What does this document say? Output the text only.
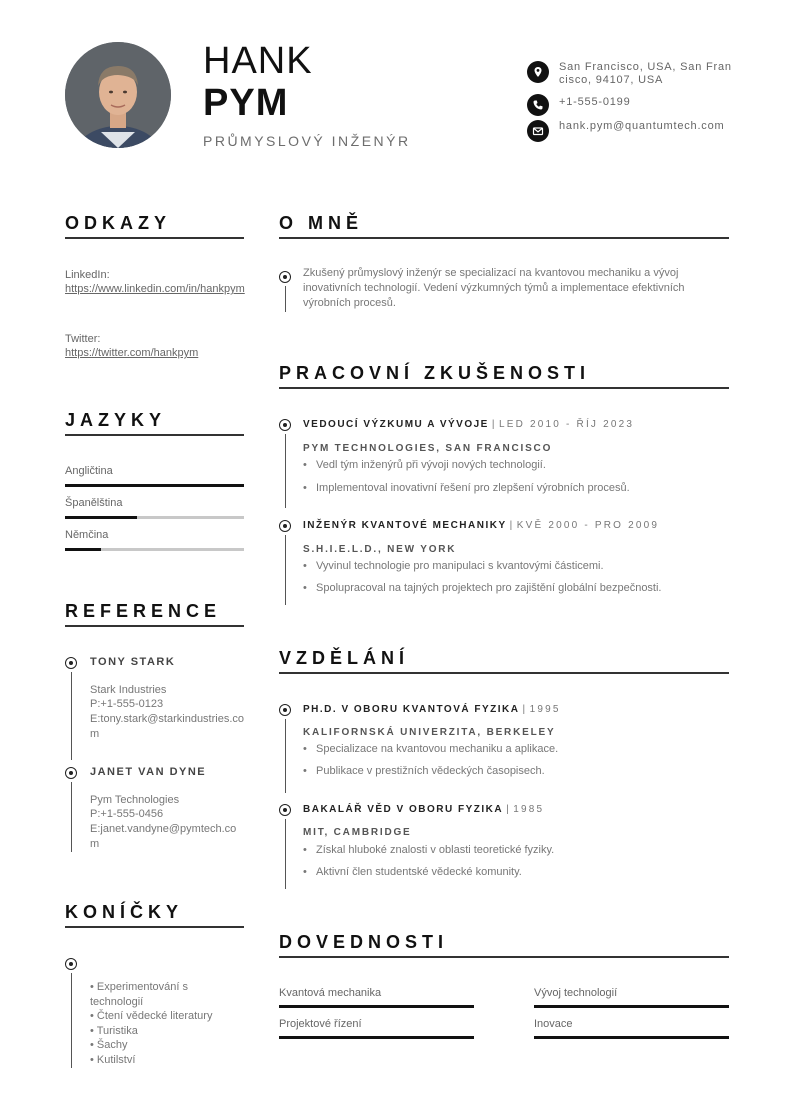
HANK
PYM
PRŮMYSLOVÝ INŽENÝR
San Francisco, USA, San Francisco, 94107, USA
+1-555-0199
hank.pym@quantumtech.com
ODKAZY
LinkedIn:
https://www.linkedin.com/in/hankpym
Twitter:
https://twitter.com/hankpym
JAZYKY
Angličtina
Španělština
Němčina
REFERENCE
TONY STARK
Stark Industries
P:+1-555-0123
E:tony.stark@starkindustries.com
JANET VAN DYNE
Pym Technologies
P:+1-555-0456
E:janet.vandyne@pymtech.com
KONÍČKY
• Experimentování s technologií
• Čtení vědecké literatury
• Turistika
• Šachy
• Kutilství
O MNĚ
Zkušený průmyslový inženýr se specializací na kvantovou mechaniku a vývoj inovativních technologií. Vedení výzkumných týmů a implementace efektivních výrobních procesů.
PRACOVNÍ ZKUŠENOSTI
VEDOUCÍ VÝZKUMU A VÝVOJE | LED 2010 - ŘÍJ 2023
PYM TECHNOLOGIES, SAN FRANCISCO
• Vedl tým inženýrů při vývoji nových technologií.
• Implementoval inovativní řešení pro zlepšení výrobních procesů.
INŽENÝR KVANTOVÉ MECHANIKY | KVĚ 2000 - PRO 2009
S.H.I.E.L.D., NEW YORK
• Vyvinul technologie pro manipulaci s kvantovými částicemi.
• Spolupracoval na tajných projektech pro zajištění globální bezpečnosti.
VZDĚLÁNÍ
PH.D. V OBORU KVANTOVÁ FYZIKA | 1995
KALIFORNSKÁ UNIVERZITA, BERKELEY
• Specializace na kvantovou mechaniku a aplikace.
• Publikace v prestižních vědeckých časopisech.
BAKALÁŘ VĚD V OBORU FYZIKA | 1985
MIT, CAMBRIDGE
• Získal hluboké znalosti v oblasti teoretické fyziky.
• Aktivní člen studentské vědecké komunity.
DOVEDNOSTI
Kvantová mechanika	Vývoj technologií
Projektové řízení	Inovace
